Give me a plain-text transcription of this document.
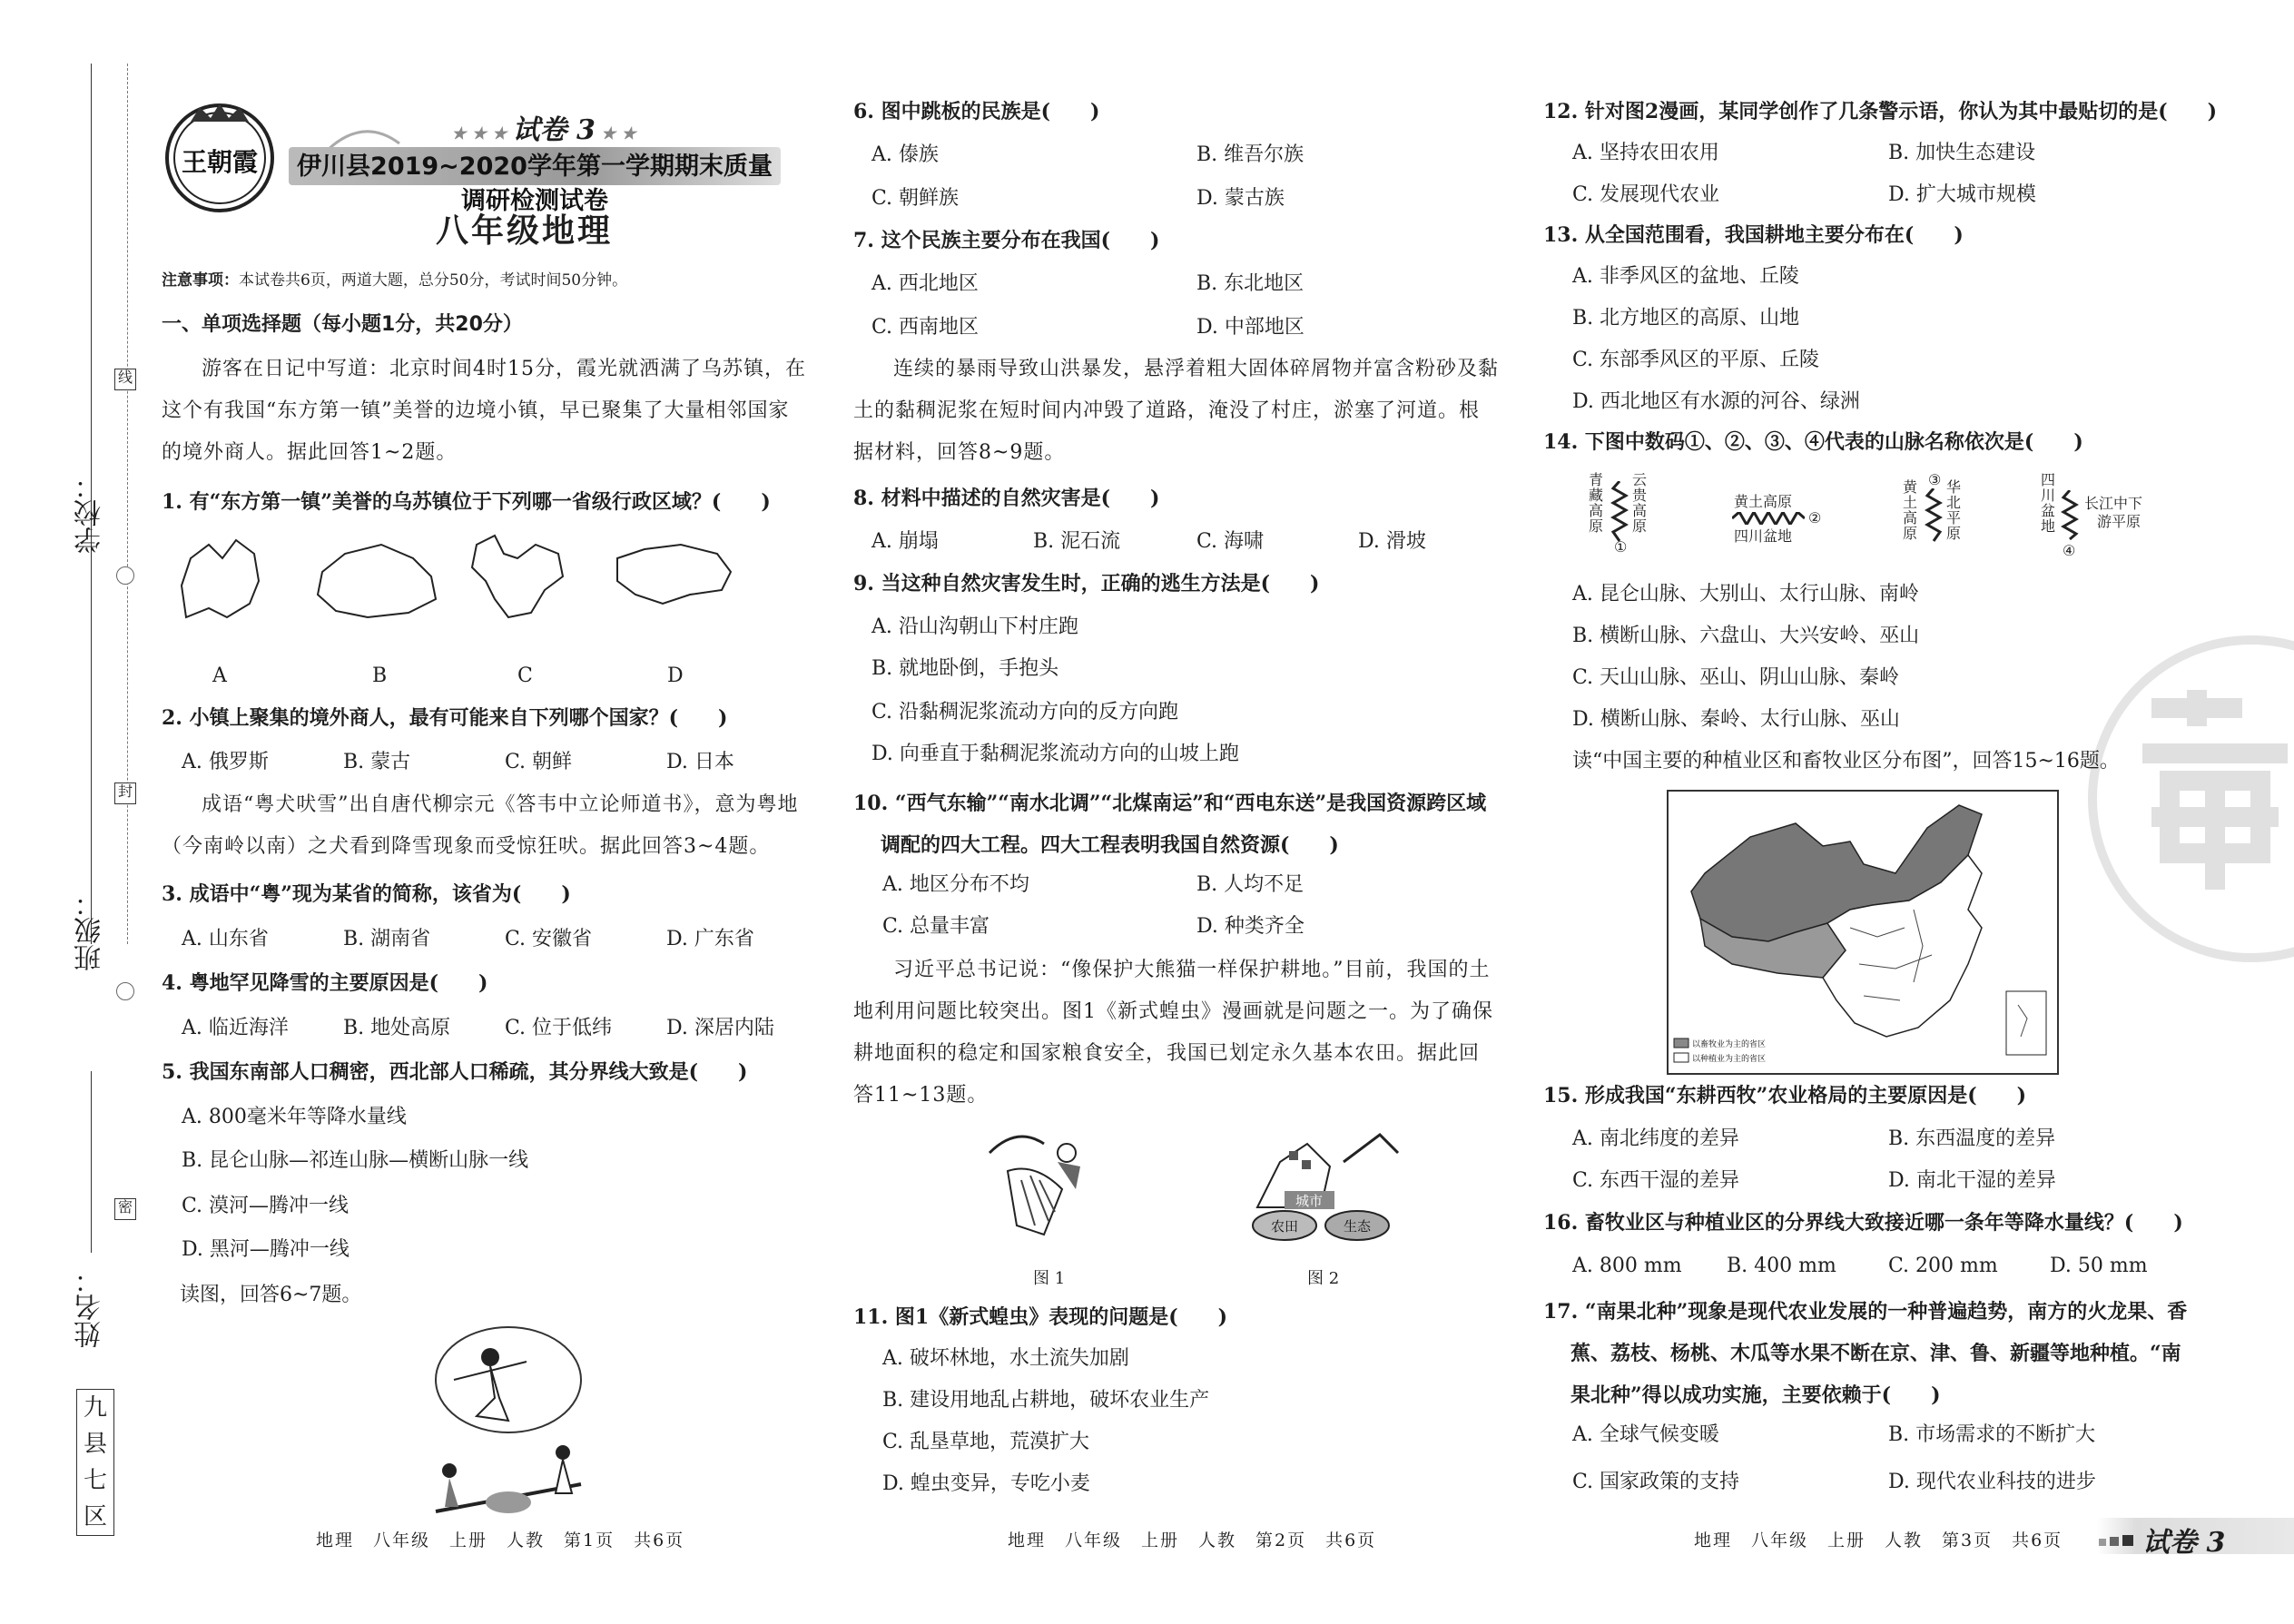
学校：
班级：
姓名：
线
封
密
九
县
七
区
王朝霞
★ ★ ★ 试卷 3 ★ ★
伊川县2019~2020学年第一学期期末质量调研检测试卷
八年级地理
注意事项：本试卷共6页，两道大题，总分50分，考试时间50分钟。
一、单项选择题（每小题1分，共20分）
游客在日记中写道：北京时间4时15分，霞光就洒满了乌苏镇，在这个有我国“东方第一镇”美誉的边境小镇，早已聚集了大量相邻国家的境外商人。据此回答1~2题。
1. 有“东方第一镇”美誉的乌苏镇位于下列哪一省级行政区域？(　　)
A	B	C	D
2. 小镇上聚集的境外商人，最有可能来自下列哪个国家？(　　)
A. 俄罗斯	B. 蒙古	C. 朝鲜	D. 日本
成语“粤犬吠雪”出自唐代柳宗元《答韦中立论师道书》，意为粤地（今南岭以南）之犬看到降雪现象而受惊狂吠。据此回答3~4题。
3. 成语中“粤”现为某省的简称，该省为(　　)
A. 山东省	B. 湖南省	C. 安徽省	D. 广东省
4. 粤地罕见降雪的主要原因是(　　)
A. 临近海洋	B. 地处高原	C. 位于低纬	D. 深居内陆
5. 我国东南部人口稠密，西北部人口稀疏，其分界线大致是(　　)
A. 800毫米年等降水量线
B. 昆仑山脉—祁连山脉—横断山脉一线
C. 漠河—腾冲一线
D. 黑河—腾冲一线
读图，回答6~7题。
地理　八年级　上册　人教　第1页　共6页
6. 图中跳板的民族是(　　)
A. 傣族	B. 维吾尔族
C. 朝鲜族	D. 蒙古族
7. 这个民族主要分布在我国(　　)
A. 西北地区	B. 东北地区
C. 西南地区	D. 中部地区
连续的暴雨导致山洪暴发，悬浮着粗大固体碎屑物并富含粉砂及黏土的黏稠泥浆在短时间内冲毁了道路，淹没了村庄，淤塞了河道。根据材料，回答8~9题。
8. 材料中描述的自然灾害是(　　)
A. 崩塌	B. 泥石流	C. 海啸	D. 滑坡
9. 当这种自然灾害发生时，正确的逃生方法是(　　)
A. 沿山沟朝山下村庄跑
B. 就地卧倒，手抱头
C. 沿黏稠泥浆流动方向的反方向跑
D. 向垂直于黏稠泥浆流动方向的山坡上跑
10. “西气东输”“南水北调”“北煤南运”和“西电东送”是我国资源跨区域调配的四大工程。四大工程表明我国自然资源(　　)
A. 地区分布不均	B. 人均不足
C. 总量丰富	D. 种类齐全
习近平总书记说：“像保护大熊猫一样保护耕地。”目前，我国的土地利用问题比较突出。图1《新式蝗虫》漫画就是问题之一。为了确保耕地面积的稳定和国家粮食安全，我国已划定永久基本农田。据此回答11~13题。
城市
农田	生态
图 1	图 2
11. 图1《新式蝗虫》表现的问题是(　　)
A. 破坏林地，水土流失加剧
B. 建设用地乱占耕地，破坏农业生产
C. 乱垦草地，荒漠扩大
D. 蝗虫变异，专吃小麦
地理　八年级　上册　人教　第2页　共6页
12. 针对图2漫画，某同学创作了几条警示语，你认为其中最贴切的是(　　)
A. 坚持农田农用	B. 加快生态建设
C. 发展现代农业	D. 扩大城市规模
13. 从全国范围看，我国耕地主要分布在(　　)
A. 非季风区的盆地、丘陵
B. 北方地区的高原、山地
C. 东部季风区的平原、丘陵
D. 西北地区有水源的河谷、绿洲
14. 下图中数码①、②、③、④代表的山脉名称依次是(　　)
青藏高原
①
云贵高原
黄土高原
②
四川盆地
黄土高原
③ 华北平原
四川盆地
④
长江中下
游平原
A. 昆仑山脉、大别山、太行山脉、南岭
B. 横断山脉、六盘山、大兴安岭、巫山
C. 天山山脉、巫山、阴山山脉、秦岭
D. 横断山脉、秦岭、太行山脉、巫山
读“中国主要的种植业区和畜牧业区分布图”，回答15~16题。
以畜牧业为主的省区
以种植业为主的省区
15. 形成我国“东耕西牧”农业格局的主要原因是(　　)
A. 南北纬度的差异	B. 东西温度的差异
C. 东西干湿的差异	D. 南北干湿的差异
16. 畜牧业区与种植业区的分界线大致接近哪一条年等降水量线？(　　)
A. 800 mm B. 400 mm	C. 200 mm	D. 50 mm
17. “南果北种”现象是现代农业发展的一种普遍趋势，南方的火龙果、香蕉、荔枝、杨桃、木瓜等水果不断在京、津、鲁、新疆等地种植。“南果北种”得以成功实施，主要依赖于(　　)
A. 全球气候变暖	B. 市场需求的不断扩大
C. 国家政策的支持	D. 现代农业科技的进步
地理　八年级　上册　人教　第3页　共6页	试卷 3
